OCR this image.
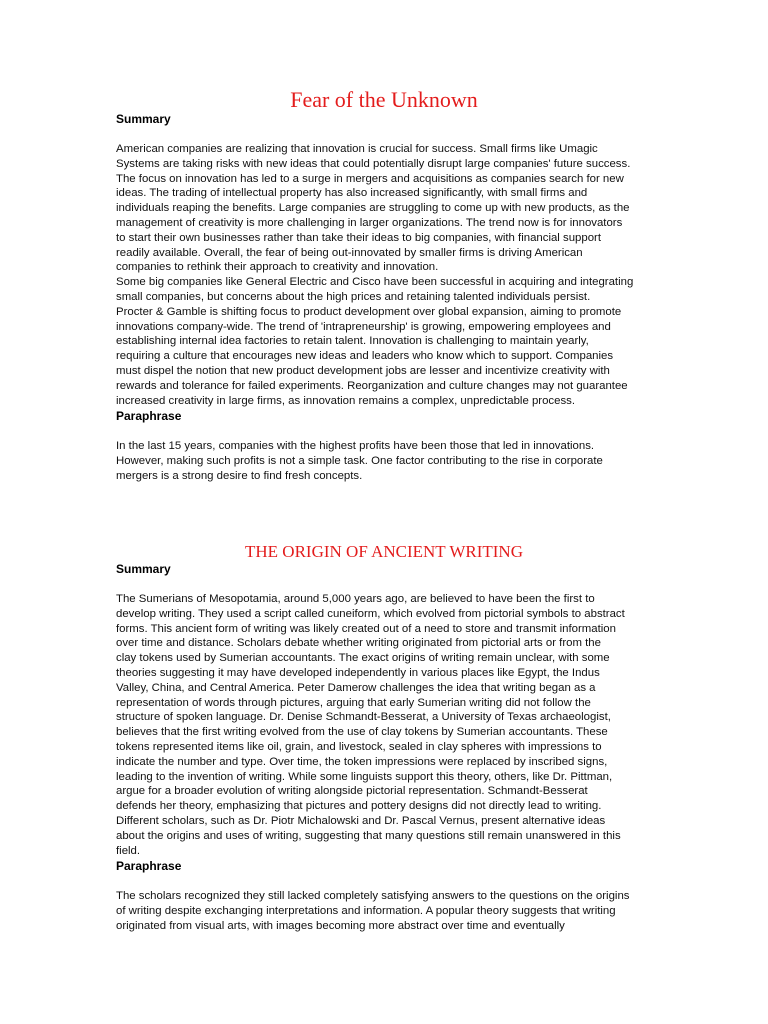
Fear of the Unknown
Summary
American companies are realizing that innovation is crucial for success. Small firms like Umagic
Systems are taking risks with new ideas that could potentially disrupt large companies' future success.
The focus on innovation has led to a surge in mergers and acquisitions as companies search for new
ideas. The trading of intellectual property has also increased significantly, with small firms and
individuals reaping the benefits. Large companies are struggling to come up with new products, as the
management of creativity is more challenging in larger organizations. The trend now is for innovators
to start their own businesses rather than take their ideas to big companies, with financial support
readily available. Overall, the fear of being out-innovated by smaller firms is driving American
companies to rethink their approach to creativity and innovation.
Some big companies like General Electric and Cisco have been successful in acquiring and integrating
small companies, but concerns about the high prices and retaining talented individuals persist.
Procter & Gamble is shifting focus to product development over global expansion, aiming to promote
innovations company-wide. The trend of 'intrapreneurship' is growing, empowering employees and
establishing internal idea factories to retain talent. Innovation is challenging to maintain yearly,
requiring a culture that encourages new ideas and leaders who know which to support. Companies
must dispel the notion that new product development jobs are lesser and incentivize creativity with
rewards and tolerance for failed experiments. Reorganization and culture changes may not guarantee
increased creativity in large firms, as innovation remains a complex, unpredictable process.
Paraphrase
In the last 15 years, companies with the highest profits have been those that led in innovations.
However, making such profits is not a simple task. One factor contributing to the rise in corporate
mergers is a strong desire to find fresh concepts.
THE ORIGIN OF ANCIENT WRITING
Summary
The Sumerians of Mesopotamia, around 5,000 years ago, are believed to have been the first to
develop writing. They used a script called cuneiform, which evolved from pictorial symbols to abstract
forms. This ancient form of writing was likely created out of a need to store and transmit information
over time and distance. Scholars debate whether writing originated from pictorial arts or from the
clay tokens used by Sumerian accountants. The exact origins of writing remain unclear, with some
theories suggesting it may have developed independently in various places like Egypt, the Indus
Valley, China, and Central America. Peter Damerow challenges the idea that writing began as a
representation of words through pictures, arguing that early Sumerian writing did not follow the
structure of spoken language. Dr. Denise Schmandt-Besserat, a University of Texas archaeologist,
believes that the first writing evolved from the use of clay tokens by Sumerian accountants. These
tokens represented items like oil, grain, and livestock, sealed in clay spheres with impressions to
indicate the number and type. Over time, the token impressions were replaced by inscribed signs,
leading to the invention of writing. While some linguists support this theory, others, like Dr. Pittman,
argue for a broader evolution of writing alongside pictorial representation. Schmandt-Besserat
defends her theory, emphasizing that pictures and pottery designs did not directly lead to writing.
Different scholars, such as Dr. Piotr Michalowski and Dr. Pascal Vernus, present alternative ideas
about the origins and uses of writing, suggesting that many questions still remain unanswered in this
field.
Paraphrase
The scholars recognized they still lacked completely satisfying answers to the questions on the origins
of writing despite exchanging interpretations and information. A popular theory suggests that writing
originated from visual arts, with images becoming more abstract over time and eventually
